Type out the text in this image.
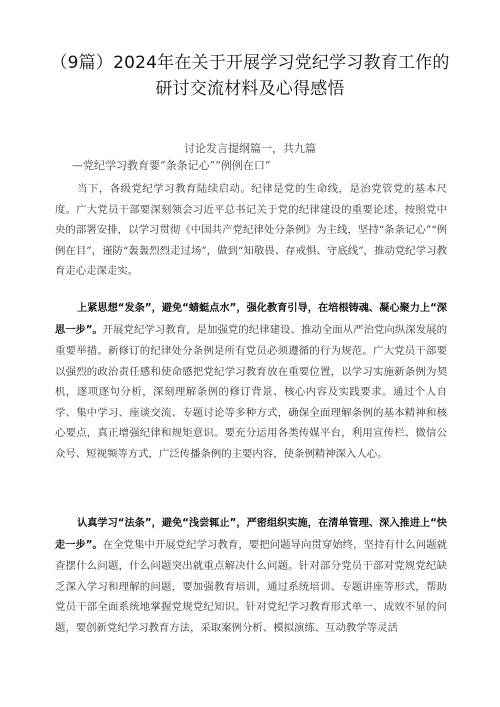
（9篇）2024年在关于开展学习党纪学习教育工作的
研讨交流材料及心得感悟
讨论发言提纲篇一，共九篇
—党纪学习教育要“条条记心”“例例在口”
当下，各级党纪学习教育陆续启动。纪律是党的生命线，是治党管党的基本尺度。广大党员干部要深刻领会习近平总书记关于党的纪律建设的重要论述，按照党中央的部署安排，以学习贯彻《中国共产党纪律处分条例》为主线，坚持“条条记心”“例例在目”，谨防“轰轰烈烈走过场”，做到“知敬畏、存戒惧、守底线”，推动党纪学习教育走心走深走实。
上紧思想“发条”，避免“蜻蜓点水”，强化教育引导，在培根铸魂、凝心聚力上“深思一步”。开展党纪学习教育，是加强党的纪律建设、推动全面从严治党向纵深发展的重要举措。新修订的纪律处分条例是所有党员必须遵循的行为规范。广大党员干部要以强烈的政治责任感和使命感把党纪学习教育放在重要位置，以学习实施新条例为契机，逐项逐句分析，深刻理解条例的修订背景、核心内容及实践要求。通过个人自学、集中学习、座谈交流、专题讨论等多种方式，确保全面理解条例的基本精神和核心要点，真正增强纪律和规矩意识。要充分运用各类传媒平台，利用宣传栏、微信公众号、短视频等方式，广泛传播条例的主要内容，使条例精神深入人心。
认真学习“法条”，避免“浅尝辄止”，严密组织实施，在清单管理、深入推进上“快走一步”。在全党集中开展党纪学习教育，要把问题导向贯穿始终，坚持有什么问题就查摆什么问题，什么问题突出就重点解决什么问题。针对部分党员干部对党规党纪缺乏深入学习和理解的问题，要加强教育培训，通过系统培训、专题讲座等形式，帮助党员干部全面系统地掌握党规党纪知识。针对党纪学习教育形式单一、成效不显的问题，要创新党纪学习教育方法，采取案例分析、模拟演练、互动教学等灵活
